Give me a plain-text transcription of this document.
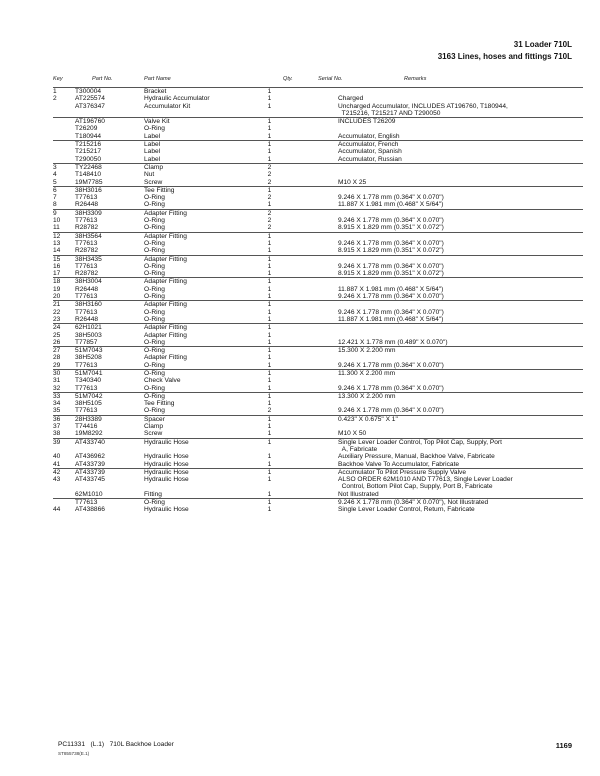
31 Loader 710L
3163 Lines, hoses and fittings 710L
Key	Part No.	Part Name	Qty.	Serial No.	Remarks
1	T300004	Bracket	1		
2	AT225574	Hydraulic Accumulator	1		Charged
	AT376347	Accumulator Kit	1		Uncharged Accumulator, INCLUDES AT196760, T180944,
T215216, T215217 AND T290050
	AT196760	Valve Kit	1		INCLUDES T26209
	T26209	O-Ring	1		
	T180944	Label	1		Accumulator, English
	T215216	Label	1		Accumulator, French
	T215217	Label	1		Accumulator, Spanish
	T290050	Label	1		Accumulator, Russian
3	TY22468	Clamp	2		
4	T148410	Nut	2		
5	19M7785	Screw	2		M10 X 25
6	38H3016	Tee Fitting	1		
7	T77613	O-Ring	2		9.246 X 1.778 mm (0.364" X 0.070")
8	R26448	O-Ring	1		11.887 X 1.981 mm (0.468" X 5/64")
9	38H3309	Adapter Fitting	2		
10	T77613	O-Ring	2		9.246 X 1.778 mm (0.364" X 0.070")
11	R28782	O-Ring	2		8.915 X 1.829 mm (0.351" X 0.072")
12	38H3564	Adapter Fitting	1		
13	T77613	O-Ring	1		9.246 X 1.778 mm (0.364" X 0.070")
14	R28782	O-Ring	1		8.915 X 1.829 mm (0.351" X 0.072")
15	38H3435	Adapter Fitting	1		
16	T77613	O-Ring	1		9.246 X 1.778 mm (0.364" X 0.070")
17	R28782	O-Ring	1		8.915 X 1.829 mm (0.351" X 0.072")
18	38H3004	Adapter Fitting	1		
19	R26448	O-Ring	1		11.887 X 1.981 mm (0.468" X 5/64")
20	T77613	O-Ring	1		9.246 X 1.778 mm (0.364" X 0.070")
21	38H3160	Adapter Fitting	1		
22	T77613	O-Ring	1		9.246 X 1.778 mm (0.364" X 0.070")
23	R26448	O-Ring	1		11.887 X 1.981 mm (0.468" X 5/64")
24	62H1021	Adapter Fitting	1		
25	38H5003	Adapter Fitting	1		
26	T77857	O-Ring	1		12.421 X 1.778 mm (0.489" X 0.070")
27	51M7043	O-Ring	1		15.300 X 2.200 mm
28	38H5208	Adapter Fitting	1		
29	T77613	O-Ring	1		9.246 X 1.778 mm (0.364" X 0.070")
30	51M7041	O-Ring	1		11.300 X 2.200 mm
31	T340340	Check Valve	1		
32	T77613	O-Ring	1		9.246 X 1.778 mm (0.364" X 0.070")
33	51M7042	O-Ring	1		13.300 X 2.200 mm
34	38H5105	Tee Fitting	1		
35	T77613	O-Ring	2		9.246 X 1.778 mm (0.364" X 0.070")
36	28H3389	Spacer	1		0.423" X 0.675" X 1"
37	T74416	Clamp	1		
38	19M8292	Screw	1		M10 X 50
39	AT433740	Hydraulic Hose	1		Single Lever Loader Control, Top Pilot Cap, Supply, Port
A, Fabricate
40	AT436962	Hydraulic Hose	1		Auxiliary Pressure, Manual, Backhoe Valve, Fabricate
41	AT433739	Hydraulic Hose	1		Backhoe Valve To Accumulator, Fabricate
42	AT433739	Hydraulic Hose	1		Accumulator To Pilot Pressure Supply Valve
43	AT433745	Hydraulic Hose	1		ALSO ORDER 62M1010 AND T77613, Single Lever Loader
Control, Bottom Pilot Cap, Supply, Port B, Fabricate
	62M1010	Fitting	1		Not Illustrated
	T77613	O-Ring	1		9.246 X 1.778 mm (0.364" X 0.070"), Not Illustrated
44	AT438866	Hydraulic Hose	1		Single Lever Loader Control, Return, Fabricate
PC11331 (L.1) 710L Backhoe Loader
ST855738(E.1)
1169
